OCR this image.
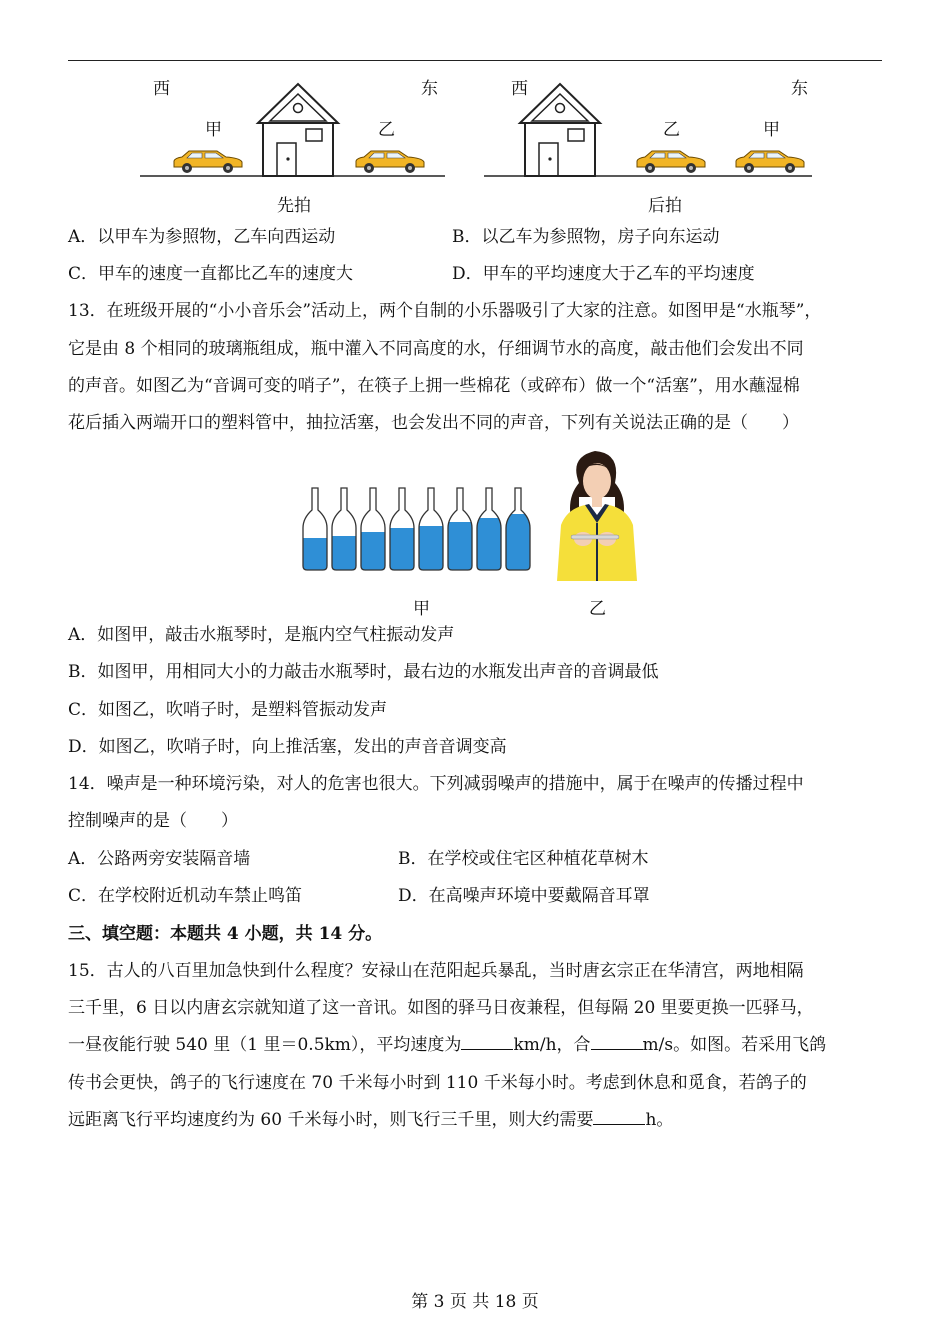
西	东
甲	乙
先拍
西	东
乙	甲
后拍
A．以甲车为参照物，乙车向西运动	B．以乙车为参照物，房子向东运动
C．甲车的速度一直都比乙车的速度大	D．甲车的平均速度大于乙车的平均速度
13．在班级开展的“小小音乐会”活动上，两个自制的小乐器吸引了大家的注意。如图甲是“水瓶琴”，
它是由 8 个相同的玻璃瓶组成，瓶中灌入不同高度的水，仔细调节水的高度，敲击他们会发出不同
的声音。如图乙为“音调可变的哨子”，在筷子上拥一些棉花（或碎布）做一个“活塞”，用水蘸湿棉
花后插入两端开口的塑料管中，抽拉活塞，也会发出不同的声音，下列有关说法正确的是（　　）
甲	乙
A．如图甲，敲击水瓶琴时，是瓶内空气柱振动发声
B．如图甲，用相同大小的力敲击水瓶琴时，最右边的水瓶发出声音的音调最低
C．如图乙，吹哨子时，是塑料管振动发声
D．如图乙，吹哨子时，向上推活塞，发出的声音音调变高
14．噪声是一种环境污染，对人的危害也很大。下列减弱噪声的措施中，属于在噪声的传播过程中
控制噪声的是（　　）
A．公路两旁安装隔音墙	B．在学校或住宅区种植花草树木
C．在学校附近机动车禁止鸣笛	D．在高噪声环境中要戴隔音耳罩
三、填空题：本题共 4 小题，共 14 分。
15．古人的八百里加急快到什么程度？安禄山在范阳起兵暴乱，当时唐玄宗正在华清宫，两地相隔
三千里，6 日以内唐玄宗就知道了这一音讯。如图的驿马日夜兼程，但每隔 20 里要更换一匹驿马，
一昼夜能行驶 540 里（1 里＝0.5km），平均速度为	km/h，合	m/s。如图。若采用飞鸽
传书会更快，鸽子的飞行速度在 70 千米每小时到 110 千米每小时。考虑到休息和觅食，若鸽子的
远距离飞行平均速度约为 60 千米每小时，则飞行三千里，则大约需要	h。
第 3 页 共 18 页
